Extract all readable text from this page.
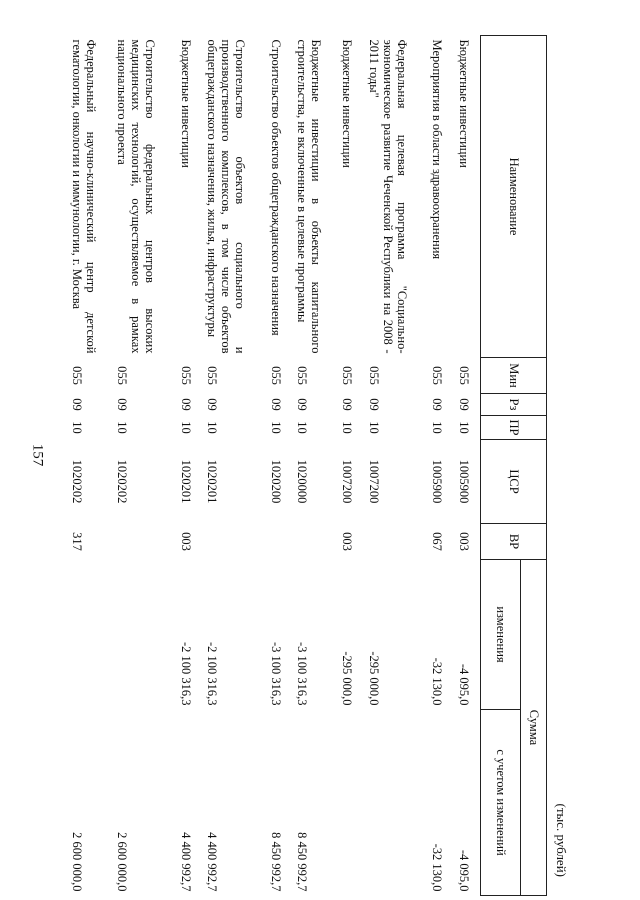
157
(тыс. рублей)
Наименование	Мин	Рз	ПР	ЦСР	ВР	Сумма	
						изменения	с учетом изменений
Бюджетные инвестиции	055	09	10	1005900	003	-4 095,0	-4 095,0
Мероприятия в области здравоохранения	055	09	10	1005900	067	-32 130,0	-32 130,0
Федеральная целевая программа "Социально-экономическое развитие Чеченской Республики на 2008 - 2011 годы"	055	09	10	1007200		-295 000,0	
Бюджетные инвестиции	055	09	10	1007200	003	-295 000,0	
Бюджетные инвестиции в объекты капитального строительства, не включенные в целевые программы	055	09	10	1020000		-3 100 316,3	8 450 992,7
Строительство объектов общегражданского назначения	055	09	10	1020200		-3 100 316,3	8 450 992,7
Строительство объектов социального и производственного комплексов, в том числе объектов общегражданского назначения, жилья, инфраструктуры	055	09	10	1020201		-2 100 316,3	4 400 992,7
Бюджетные инвестиции	055	09	10	1020201	003	-2 100 316,3	4 400 992,7
Строительство федеральных центров высоких медицинских технологий, осуществляемое в рамках национального проекта	055	09	10	1020202			2 600 000,0
Федеральный научно-клинический центр детской гематологии, онкологии и иммунологии, г. Москва	055	09	10	1020202	317		2 600 000,0
